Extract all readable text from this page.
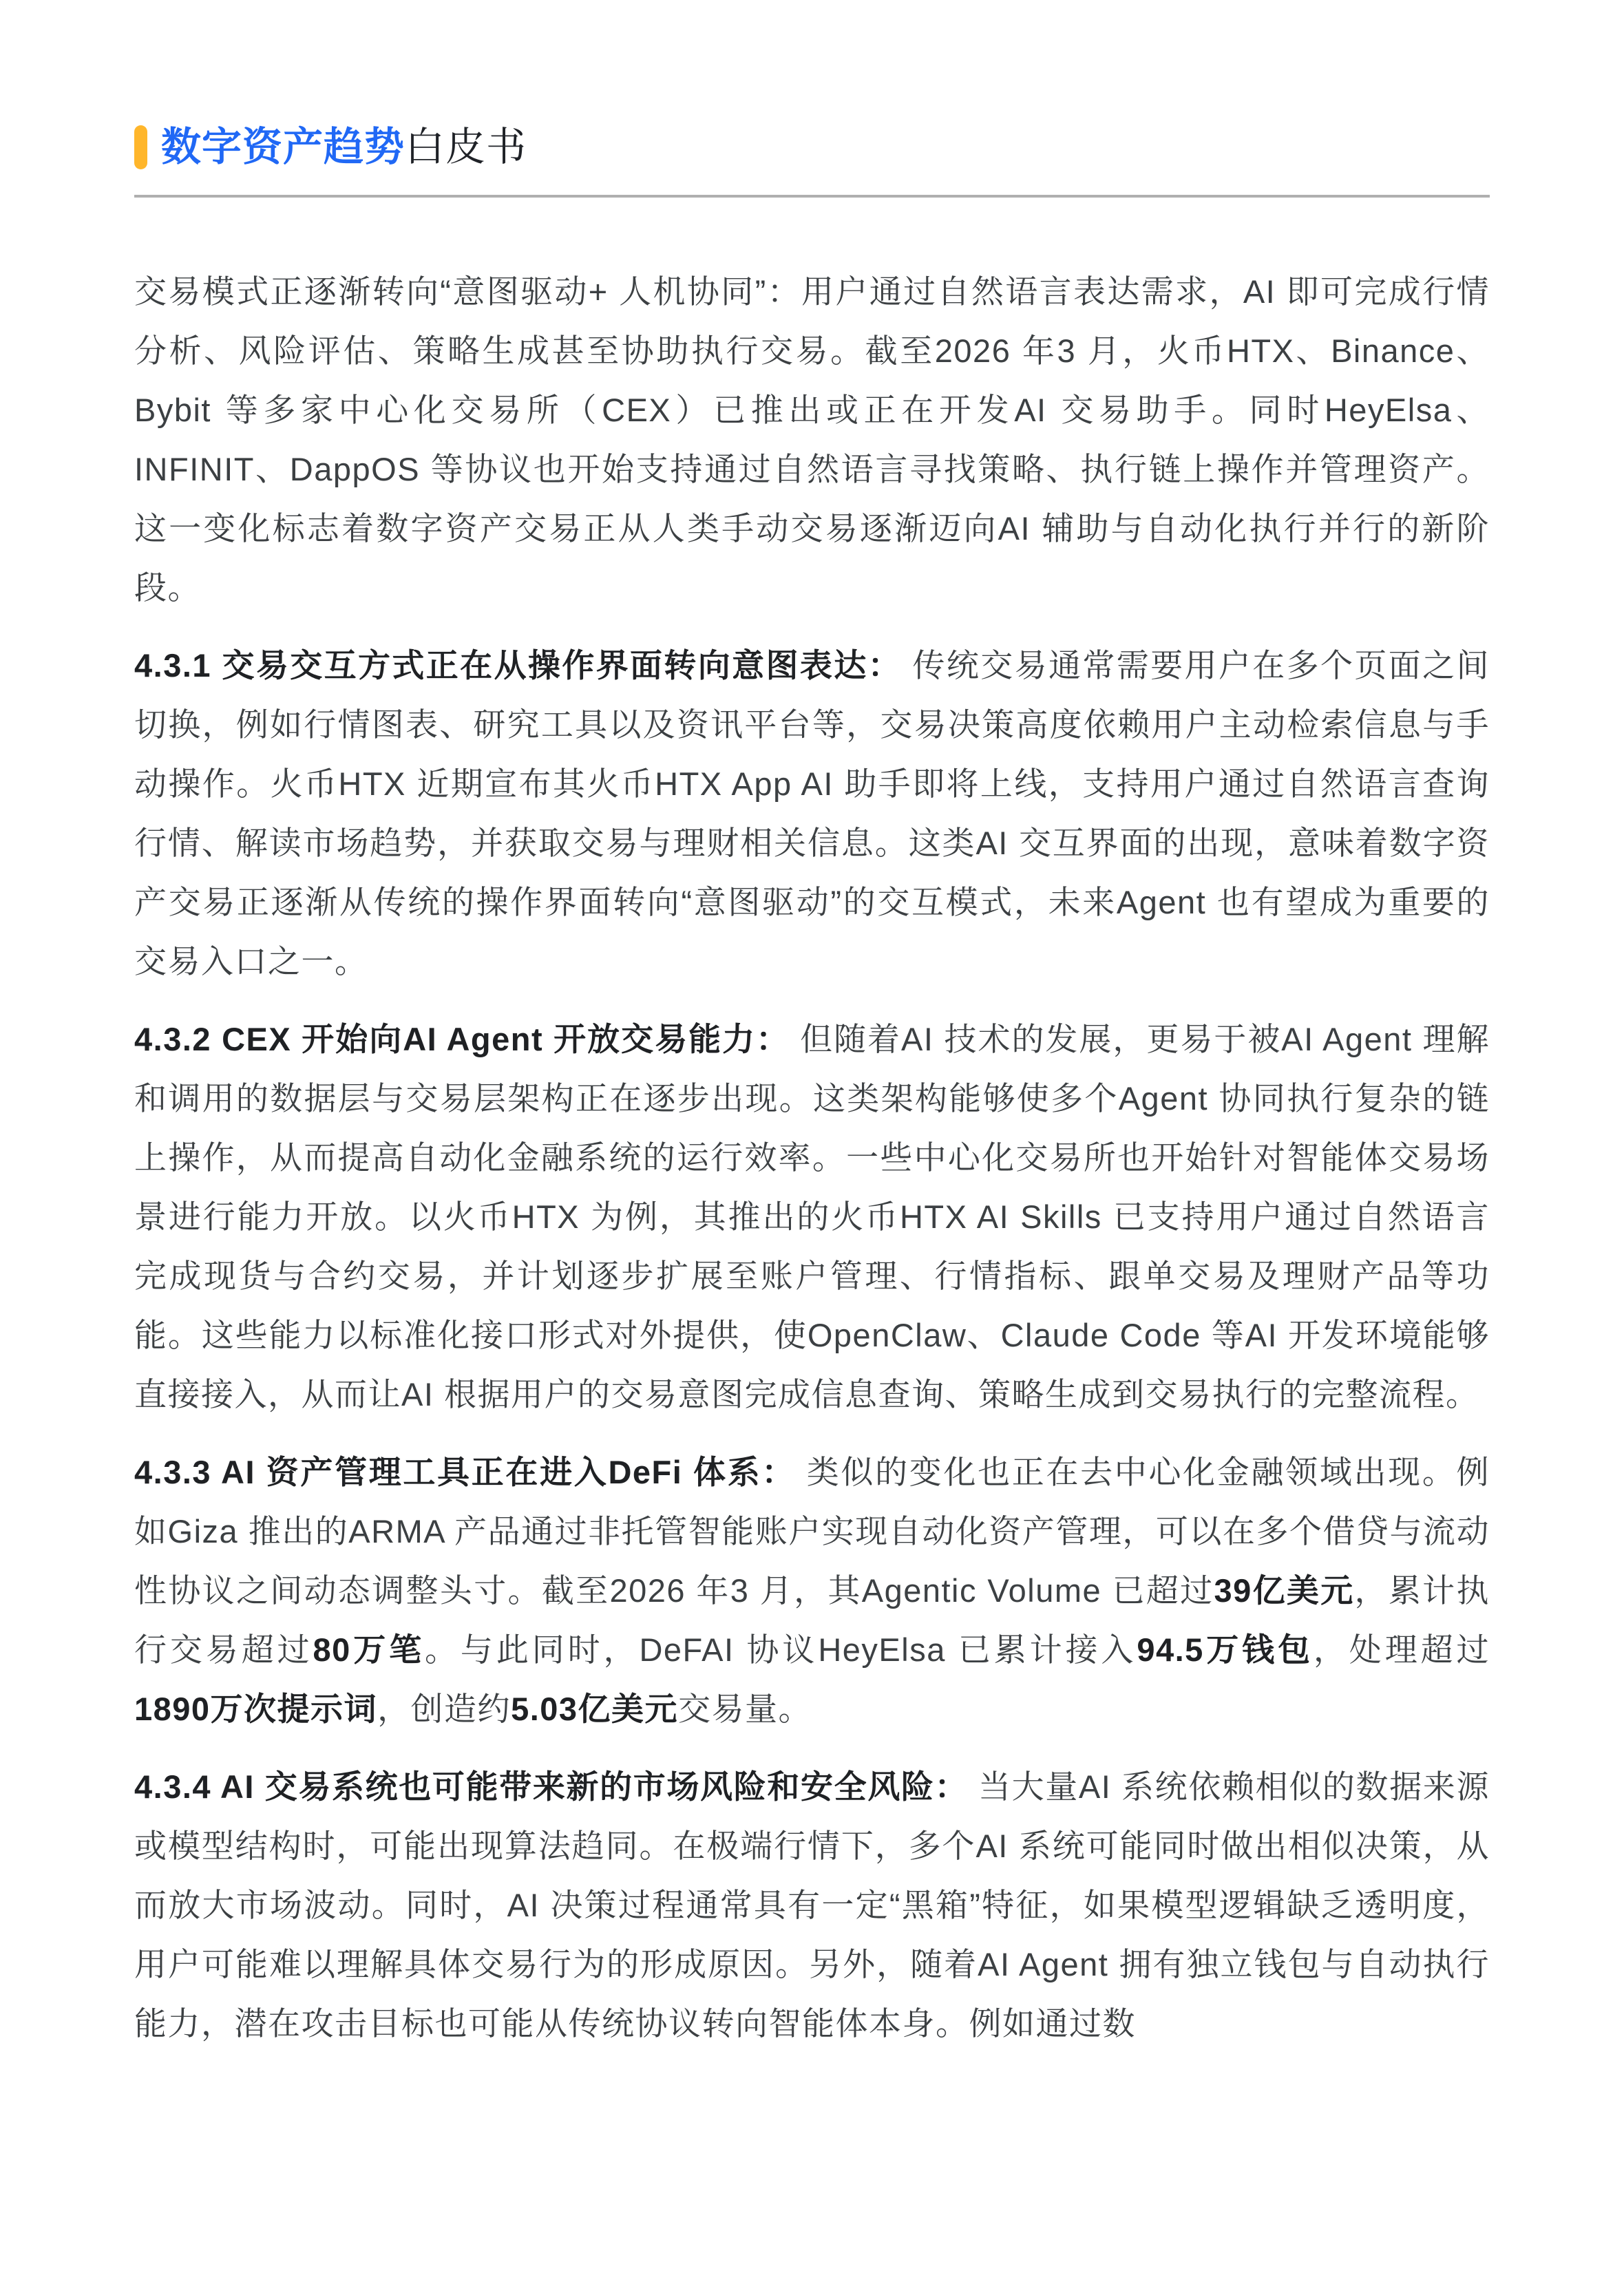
数字资产趋势白皮书

交易模式正逐渐转向“意图驱动+ 人机协同”：用户通过自然语言表达需求，AI 即可完成行情分析、风险评估、策略生成甚至协助执行交易。截至2026 年3 月，火币HTX、Binance、Bybit 等多家中心化交易所（CEX）已推出或正在开发AI 交易助手。同时HeyElsa、INFINIT、DappOS 等协议也开始支持通过自然语言寻找策略、执行链上操作并管理资产。这一变化标志着数字资产交易正从人类手动交易逐渐迈向AI 辅助与自动化执行并行的新阶段。

4.3.1 交易交互方式正在从操作界面转向意图表达： 传统交易通常需要用户在多个页面之间切换，例如行情图表、研究工具以及资讯平台等，交易决策高度依赖用户主动检索信息与手动操作。火币HTX 近期宣布其火币HTX App AI 助手即将上线，支持用户通过自然语言查询行情、解读市场趋势，并获取交易与理财相关信息。这类AI 交互界面的出现，意味着数字资产交易正逐渐从传统的操作界面转向“意图驱动”的交互模式，未来Agent 也有望成为重要的交易入口之一。

4.3.2 CEX 开始向AI Agent 开放交易能力： 但随着AI 技术的发展，更易于被AI Agent 理解和调用的数据层与交易层架构正在逐步出现。这类架构能够使多个Agent 协同执行复杂的链上操作，从而提高自动化金融系统的运行效率。一些中心化交易所也开始针对智能体交易场景进行能力开放。以火币HTX 为例，其推出的火币HTX AI Skills 已支持用户通过自然语言完成现货与合约交易，并计划逐步扩展至账户管理、行情指标、跟单交易及理财产品等功能。这些能力以标准化接口形式对外提供，使OpenClaw、Claude Code 等AI 开发环境能够直接接入，从而让AI 根据用户的交易意图完成信息查询、策略生成到交易执行的完整流程。

4.3.3 AI 资产管理工具正在进入DeFi 体系： 类似的变化也正在去中心化金融领域出现。例如Giza 推出的ARMA 产品通过非托管智能账户实现自动化资产管理，可以在多个借贷与流动性协议之间动态调整头寸。截至2026 年3 月，其Agentic Volume 已超过39亿美元，累计执行交易超过80万笔。与此同时，DeFAI 协议HeyElsa 已累计接入94.5万钱包，处理超过1890万次提示词，创造约5.03亿美元交易量。

4.3.4 AI 交易系统也可能带来新的市场风险和安全风险： 当大量AI 系统依赖相似的数据来源或模型结构时，可能出现算法趋同。在极端行情下，多个AI 系统可能同时做出相似决策，从而放大市场波动。同时，AI 决策过程通常具有一定“黑箱”特征，如果模型逻辑缺乏透明度，用户可能难以理解具体交易行为的形成原因。另外，随着AI Agent 拥有独立钱包与自动执行能力，潜在攻击目标也可能从传统协议转向智能体本身。例如通过数
